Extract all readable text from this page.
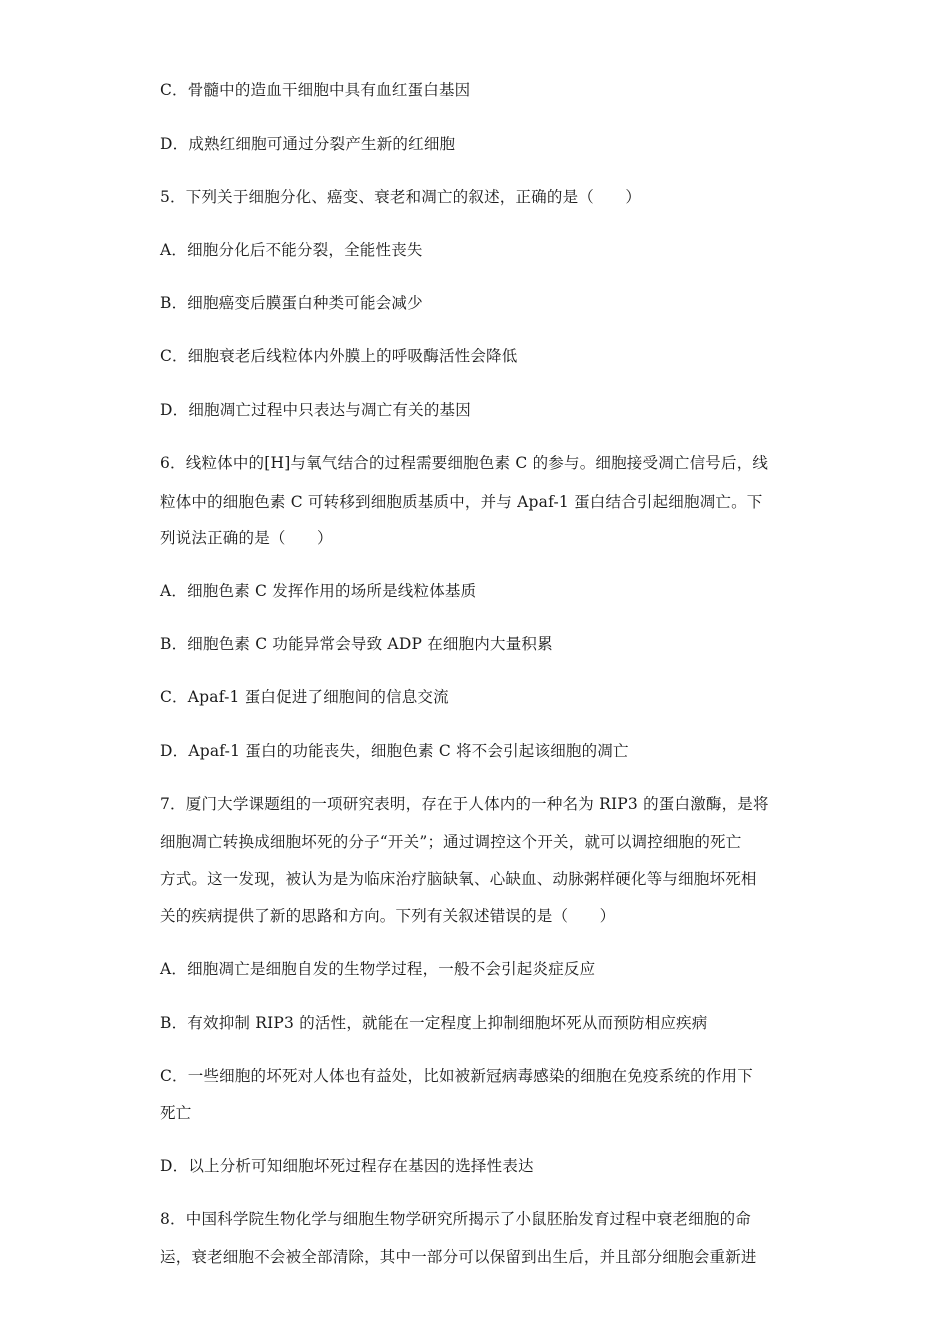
C．骨髓中的造血干细胞中具有血红蛋白基因
D．成熟红细胞可通过分裂产生新的红细胞
5．下列关于细胞分化、癌变、衰老和凋亡的叙述，正确的是（　　）
A．细胞分化后不能分裂，全能性丧失
B．细胞癌变后膜蛋白种类可能会减少
C．细胞衰老后线粒体内外膜上的呼吸酶活性会降低
D．细胞凋亡过程中只表达与凋亡有关的基因
6．线粒体中的[H]与氧气结合的过程需要细胞色素 C 的参与。细胞接受凋亡信号后，线
粒体中的细胞色素 C 可转移到细胞质基质中，并与 Apaf-1 蛋白结合引起细胞凋亡。下
列说法正确的是（　　）
A．细胞色素 C 发挥作用的场所是线粒体基质
B．细胞色素 C 功能异常会导致 ADP 在细胞内大量积累
C．Apaf-1 蛋白促进了细胞间的信息交流
D．Apaf-1 蛋白的功能丧失，细胞色素 C 将不会引起该细胞的凋亡
7．厦门大学课题组的一项研究表明，存在于人体内的一种名为 RIP3 的蛋白激酶，是将
细胞凋亡转换成细胞坏死的分子“开关”；通过调控这个开关，就可以调控细胞的死亡
方式。这一发现，被认为是为临床治疗脑缺氧、心缺血、动脉粥样硬化等与细胞坏死相
关的疾病提供了新的思路和方向。下列有关叙述错误的是（　　）
A．细胞凋亡是细胞自发的生物学过程，一般不会引起炎症反应
B．有效抑制 RIP3 的活性，就能在一定程度上抑制细胞坏死从而预防相应疾病
C．一些细胞的坏死对人体也有益处，比如被新冠病毒感染的细胞在免疫系统的作用下
死亡
D．以上分析可知细胞坏死过程存在基因的选择性表达
8．中国科学院生物化学与细胞生物学研究所揭示了小鼠胚胎发育过程中衰老细胞的命
运，衰老细胞不会被全部清除，其中一部分可以保留到出生后，并且部分细胞会重新进
